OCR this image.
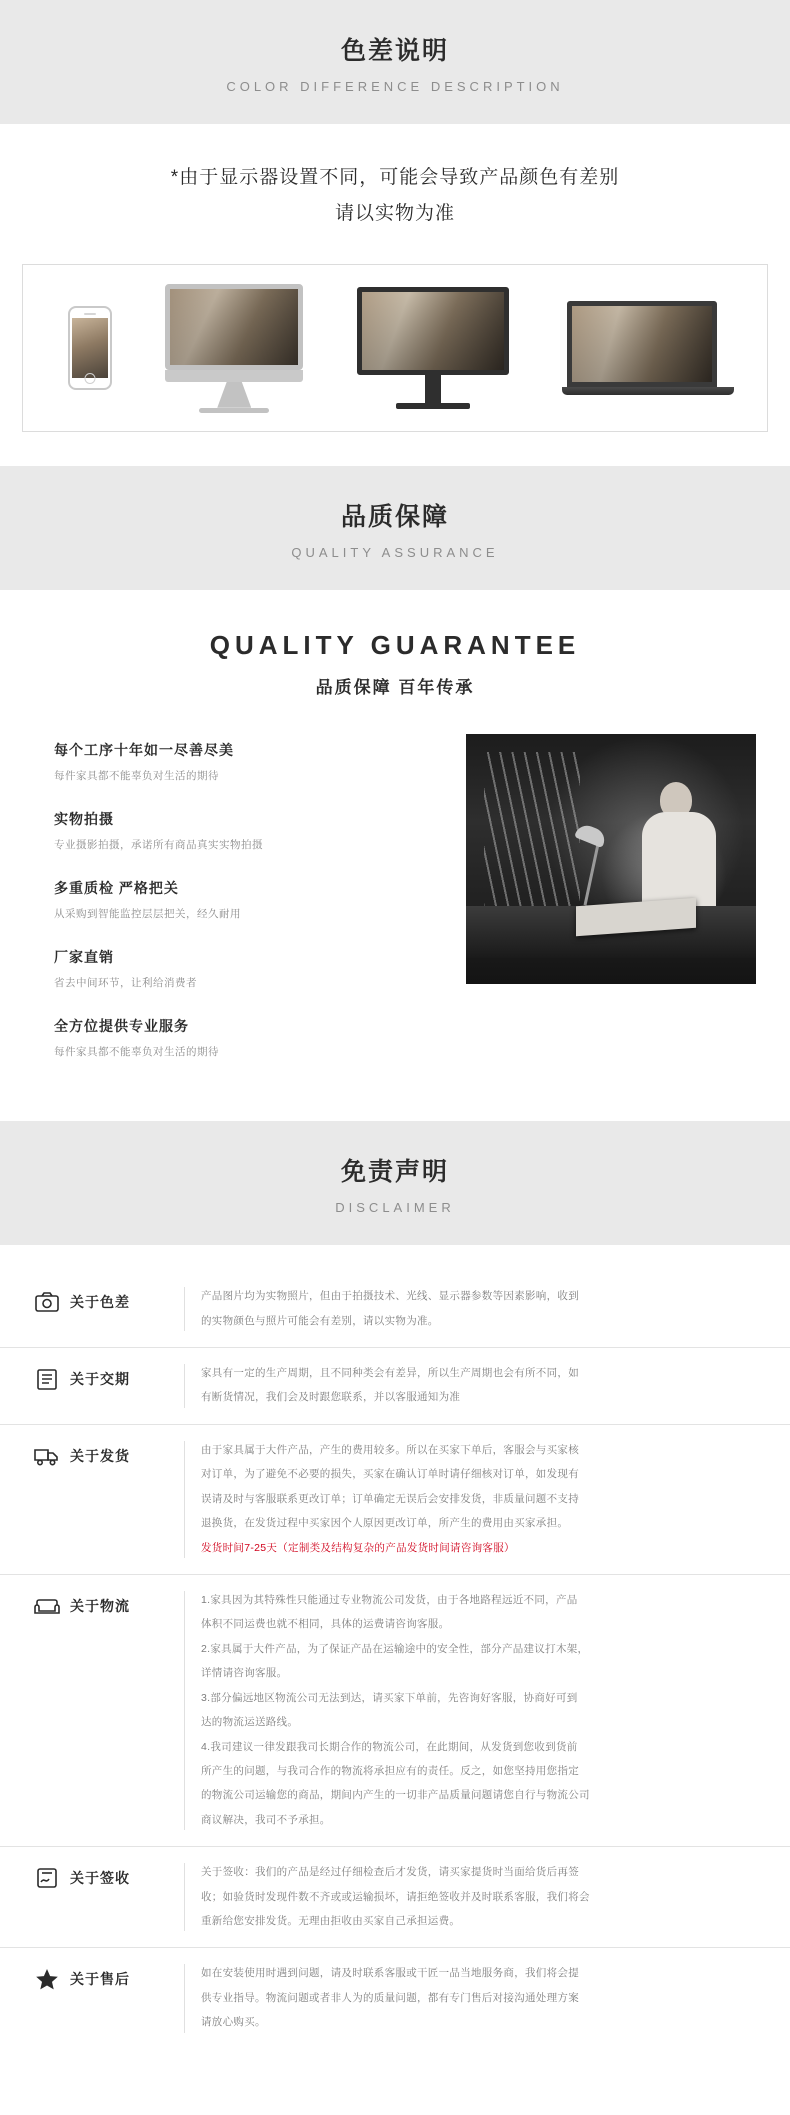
色差说明
COLOR DIFFERENCE DESCRIPTION
*由于显示器设置不同，可能会导致产品颜色有差别
请以实物为准
品质保障
QUALITY ASSURANCE
QUALITY GUARANTEE
品质保障 百年传承
每个工序十年如一尽善尽美
每件家具都不能辜负对生活的期待
实物拍摄
专业摄影拍摄，承诺所有商品真实实物拍摄
多重质检 严格把关
从采购到智能监控层层把关，经久耐用
厂家直销
省去中间环节，让利给消费者
全方位提供专业服务
每件家具都不能辜负对生活的期待
免责声明
DISCLAIMER
关于色差	产品图片均为实物照片，但由于拍摄技术、光线、显示器参数等因素影响，收到

的实物颜色与照片可能会有差别，请以实物为准。

关于交期	家具有一定的生产周期，且不同种类会有差异，所以生产周期也会有所不同，如

有断货情况，我们会及时跟您联系，并以客服通知为准

关于发货	由于家具属于大件产品，产生的费用较多。所以在买家下单后，客服会与买家核

对订单，为了避免不必要的损失，买家在确认订单时请仔细核对订单，如发现有

误请及时与客服联系更改订单；订单确定无误后会安排发货，非质量问题不支持

退换货，在发货过程中买家因个人原因更改订单，所产生的费用由买家承担。

发货时间7-25天（定制类及结构复杂的产品发货时间请咨询客服）

关于物流	1.家具因为其特殊性只能通过专业物流公司发货，由于各地路程远近不同，产品

体积不同运费也就不相同，具体的运费请咨询客服。

2.家具属于大件产品，为了保证产品在运输途中的安全性，部分产品建议打木架，

详情请咨询客服。

3.部分偏远地区物流公司无法到达，请买家下单前，先咨询好客服，协商好可到

达的物流运送路线。

4.我司建议一律发跟我司长期合作的物流公司，在此期间，从发货到您收到货前

所产生的问题，与我司合作的物流将承担应有的责任。反之，如您坚持用您指定

的物流公司运输您的商品，期间内产生的一切非产品质量问题请您自行与物流公司

商议解决，我司不予承担。

关于签收	关于签收：我们的产品是经过仔细检查后才发货，请买家提货时当面给货后再签

收；如验货时发现件数不齐或或运输损坏，请拒绝签收并及时联系客服，我们将会

重新给您安排发货。无理由拒收由买家自己承担运费。

关于售后	如在安装使用时遇到问题，请及时联系客服或干匠一品当地服务商，我们将会提

供专业指导。物流问题或者非人为的质量问题，都有专门售后对接沟通处理方案

请放心购买。
